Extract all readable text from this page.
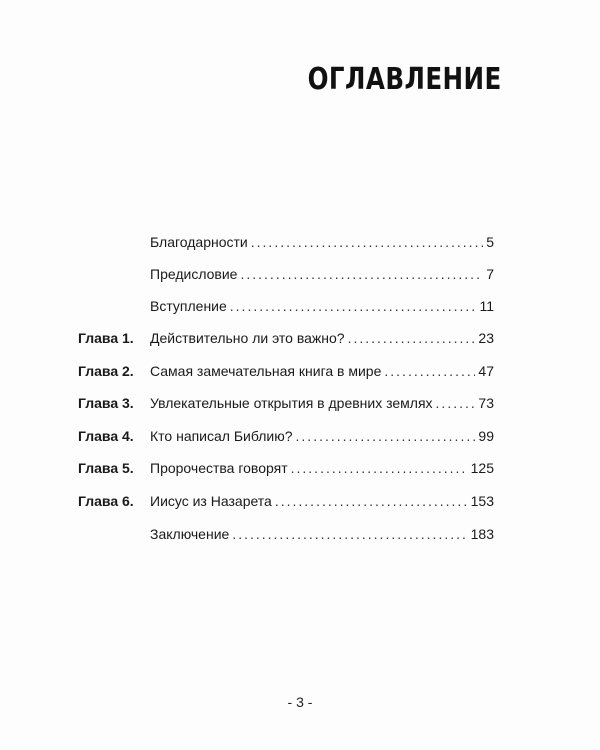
ОГЛАВЛЕНИЕ
Благодарности .....	5
Предисловие .....	7
Вступление .....	11
Глава 1.	Действительно ли это важно? .....	23
Глава 2.	Самая замечательная книга в мире .....	47
Глава 3.	Увлекательные открытия в древних землях .....	73
Глава 4.	Кто написал Библию? .....	99
Глава 5.	Пророчества говорят .....	125
Глава 6.	Иисус из Назарета .....	153
Заключение .....	183
- 3 -
